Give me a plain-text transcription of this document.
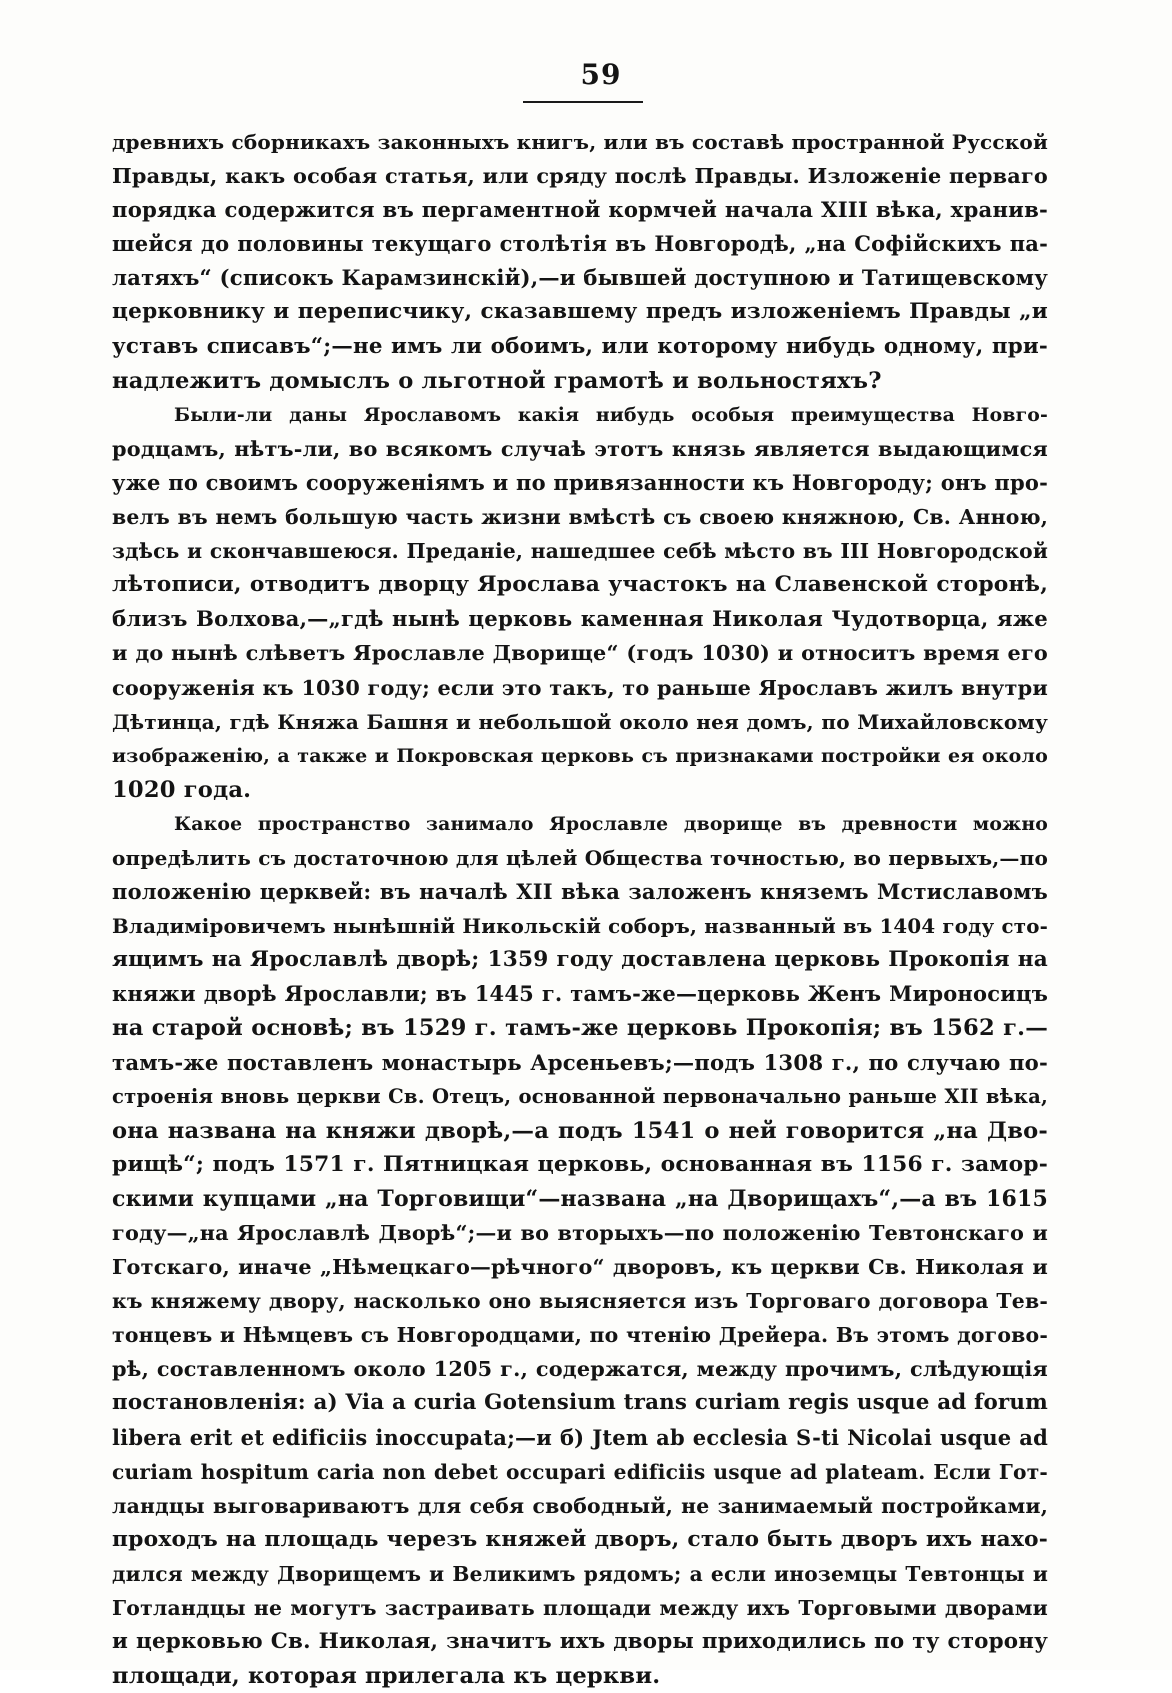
59
древнихъ сборникахъ законныхъ книгъ, или въ составѣ пространной Русской
Правды, какъ особая статья, или сряду послѣ Правды. Изложеніе перваго
порядка содержится въ пергаментной кормчей начала XIII вѣка, хранив-
шейся до половины текущаго столѣтія въ Новгородѣ, „на Софійскихъ па-
латяхъ“ (списокъ Карамзинскій),—и бывшей доступною и Татищевскому
церковнику и переписчику, сказавшему предъ изложеніемъ Правды „и
уставъ списавъ“;—не имъ ли обоимъ, или которому нибудь одному, при-
надлежитъ домыслъ о льготной грамотѣ и вольностяхъ?
Были-ли даны Ярославомъ какія нибудь особыя преимущества Новго-
родцамъ, нѣтъ-ли, во всякомъ случаѣ этотъ князь является выдающимся
уже по своимъ сооруженіямъ и по привязанности къ Новгороду; онъ про-
велъ въ немъ большую часть жизни вмѣстѣ съ своею княжною, Св. Анною,
здѣсь и скончавшеюся. Преданіе, нашедшее себѣ мѣсто въ III Новгородской
лѣтописи, отводитъ дворцу Ярослава участокъ на Славенской сторонѣ,
близъ Волхова,—„гдѣ нынѣ церковь каменная Николая Чудотворца, яже
и до нынѣ слѣветъ Ярославле Дворище“ (годъ 1030) и относитъ время его
сооруженія къ 1030 году; если это такъ, то раньше Ярославъ жилъ внутри
Дѣтинца, гдѣ Княжа Башня и небольшой около нея домъ, по Михайловскому
изображенію, а также и Покровская церковь съ признаками постройки ея около
1020 года.
Какое пространство занимало Ярославле дворище въ древности можно
опредѣлить съ достаточною для цѣлей Общества точностью, во первыхъ,—по
положенію церквей: въ началѣ XII вѣка заложенъ княземъ Мстиславомъ
Владиміровичемъ нынѣшній Никольскій соборъ, названный въ 1404 году сто-
ящимъ на Ярославлѣ дворѣ; 1359 году доставлена церковь Прокопія на
княжи дворѣ Ярославли; въ 1445 г. тамъ-же—церковь Женъ Мироносицъ
на старой основѣ; въ 1529 г. тамъ-же церковь Прокопія; въ 1562 г.—
тамъ-же поставленъ монастырь Арсеньевъ;—подъ 1308 г., по случаю по-
строенія вновь церкви Св. Отецъ, основанной первоначально раньше XII вѣка,
она названа на княжи дворѣ,—а подъ 1541 о ней говорится „на Дво-
рищѣ“; подъ 1571 г. Пятницкая церковь, основанная въ 1156 г. замор-
скими купцами „на Торговищи“—названа „на Дворищахъ“,—а въ 1615
году—„на Ярославлѣ Дворѣ“;—и во вторыхъ—по положенію Тевтонскаго и
Готскаго, иначе „Нѣмецкаго—рѣчного“ дворовъ, къ церкви Св. Николая и
къ княжему двору, насколько оно выясняется изъ Торговаго договора Тев-
тонцевъ и Нѣмцевъ съ Новгородцами, по чтенію Дрейера. Въ этомъ догово-
рѣ, составленномъ около 1205 г., содержатся, между прочимъ, слѣдующія
постановленія: а) Via a curia Gotensium trans curiam regis usque ad forum
libera erit et edificiis inoccupata;—и б) Jtem ab ecclesia S-ti Nicolai usque ad
curiam hospitum caria non debet occupari edificiis usque ad plateam. Если Гот-
ландцы выговариваютъ для себя свободный, не занимаемый постройками,
проходъ на площадь черезъ княжей дворъ, стало быть дворъ ихъ нахо-
дился между Дворищемъ и Великимъ рядомъ; а если иноземцы Тевтонцы и
Готландцы не могутъ застраивать площади между ихъ Торговыми дворами
и церковью Св. Николая, значитъ ихъ дворы приходились по ту сторону
площади, которая прилегала къ церкви.
